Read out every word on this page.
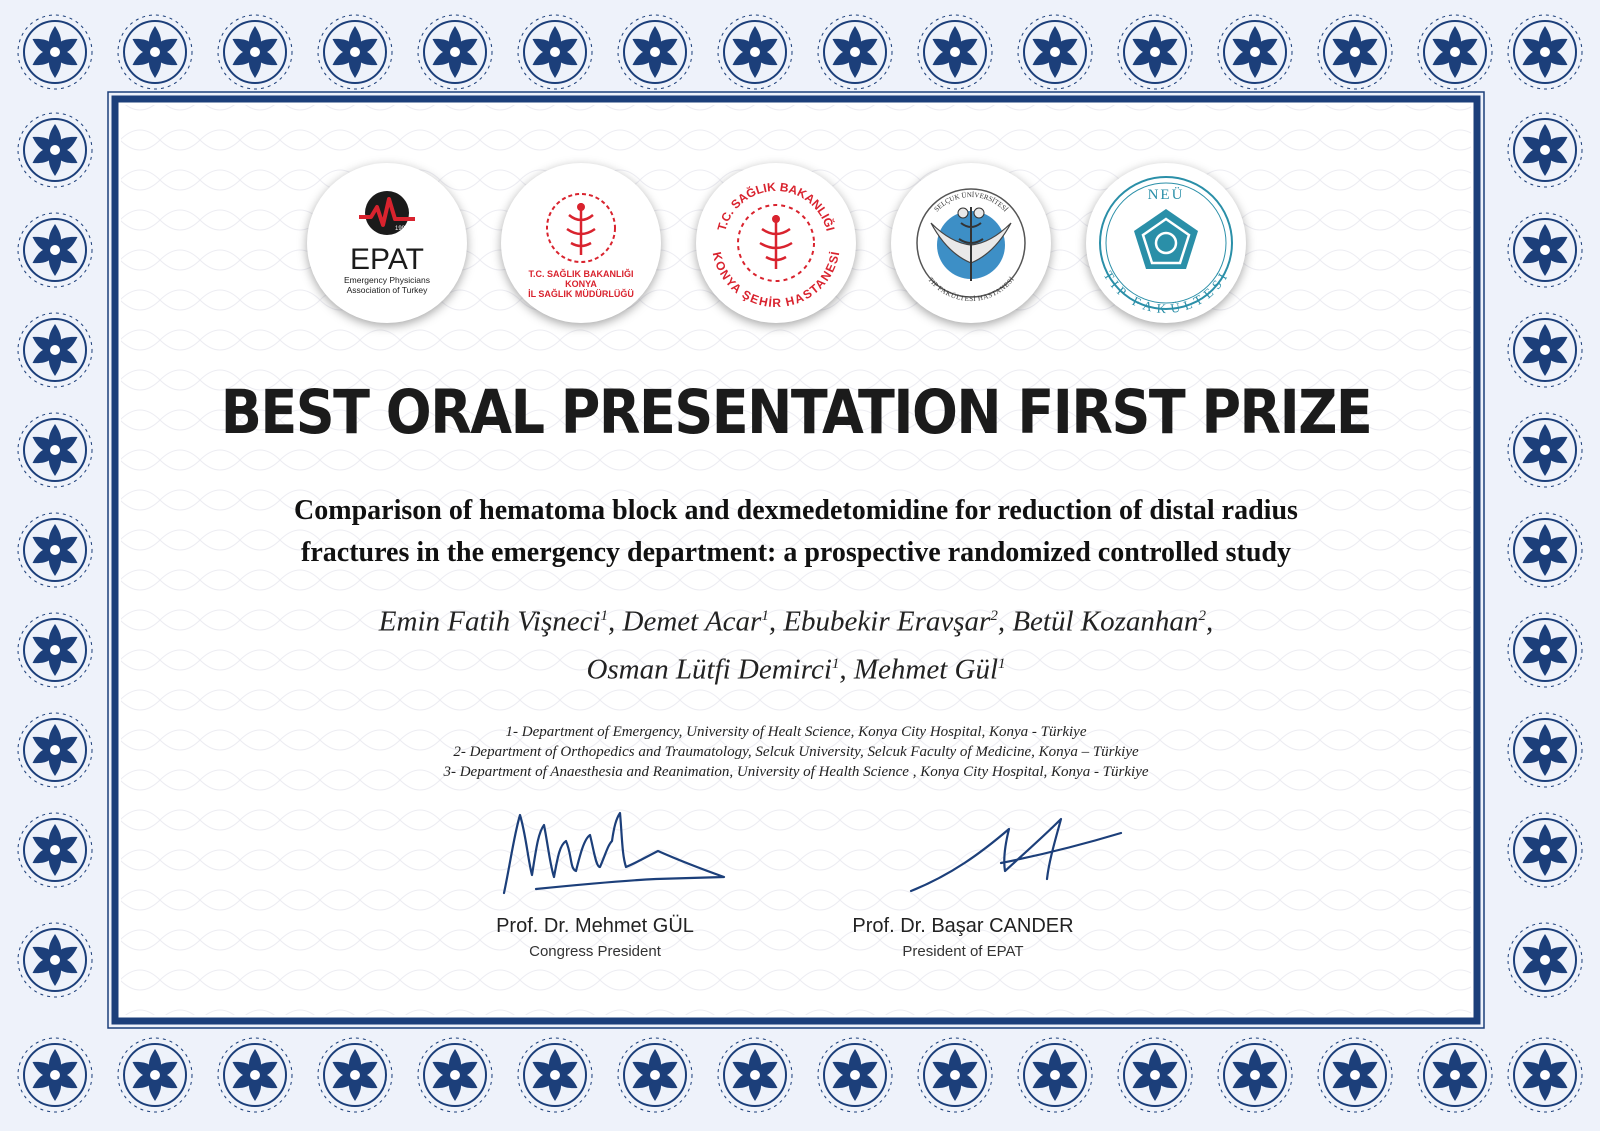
1999
EPAT
Emergency Physicians
Association of Turkey
T.C. SAĞLIK BAKANLIĞI
KONYA
İL SAĞLIK MÜDÜRLÜĞÜ
T.C. SAĞLIK BAKANLIĞI
KONYA ŞEHİR HASTANESİ
SELÇUK ÜNİVERSİTESİ
TIP FAKÜLTESİ HASTANESİ
NEÜ
TIP FAKÜLTESİ
BEST ORAL PRESENTATION FIRST PRIZE
Comparison of hematoma block and dexmedetomidine for reduction of distal radius
fractures in the emergency department: a prospective randomized controlled study
Emin Fatih Vişneci$^1$, Demet Acar$^1$, Ebubekir Eravşar$^2$, Betül Kozanhan$^2$,
Osman Lütfi Demirci$^1$, Mehmet Gül$^1$
1- Department of Emergency, University of Healt Science, Konya City Hospital, Konya - Türkiye
2- Department of Orthopedics and Traumatology, Selcuk University, Selcuk Faculty of Medicine, Konya – Türkiye
3- Department of Anaesthesia and Reanimation, University of Health Science , Konya City Hospital, Konya - Türkiye
Prof. Dr. Mehmet GÜL
Congress President
Prof. Dr. Başar CANDER
President of EPAT
